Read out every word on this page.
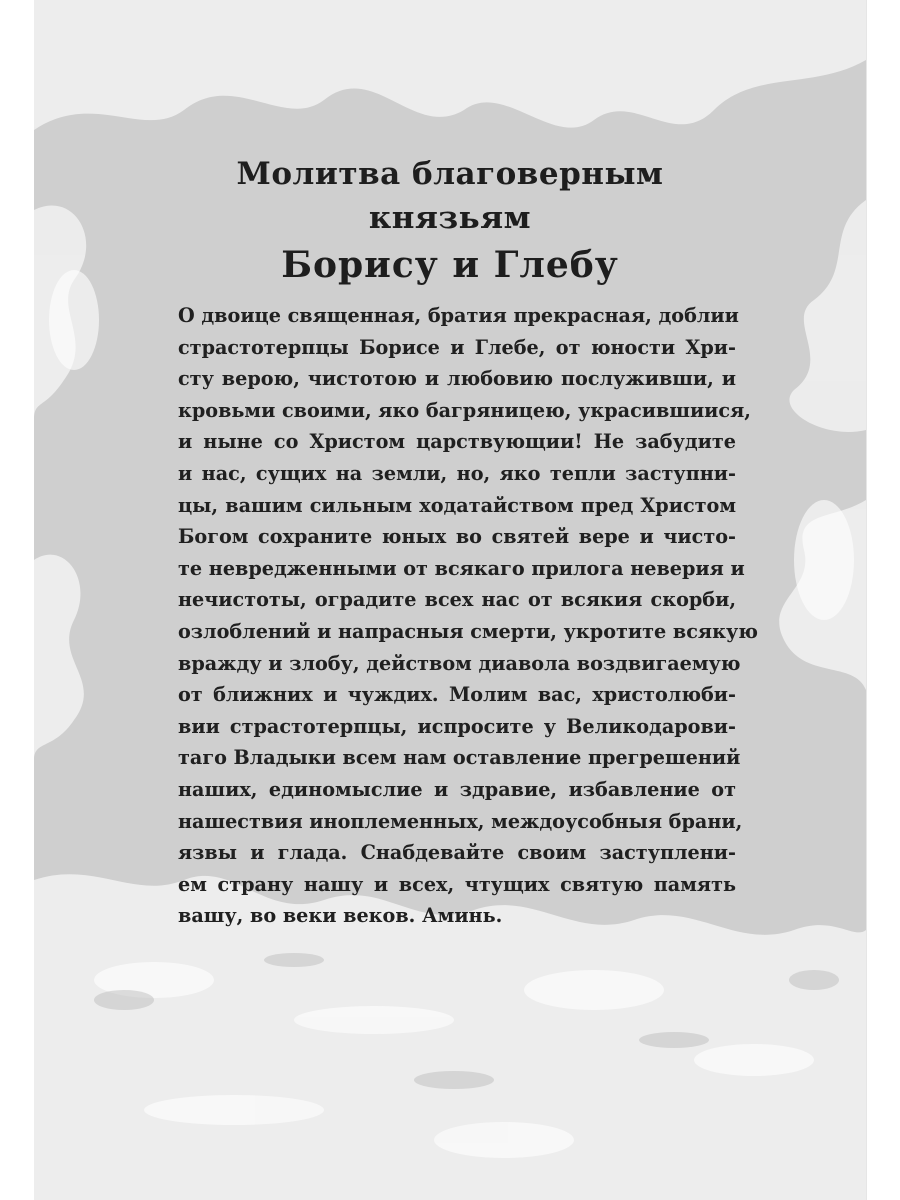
Молитва благоверным
князьям
Борису и Глебу
О двоице священная, братия прекрасная, доблии
страстотерпцы Борисе и Глебе, от юности Хри-
сту верою, чистотою и любовию послуживши, и
кровьми своими, яко багряницею, украсившиися,
и ныне со Христом царствующии! Не забудите
и нас, сущих на земли, но, яко тепли заступни-
цы, вашим сильным ходатайством пред Христом
Богом сохраните юных во святей вере и чисто-
те невредженными от всякаго прилога неверия и
нечистоты, оградите всех нас от всякия скорби,
озлоблений и напрасныя смерти, укротите всякую
вражду и злобу, действом диавола воздвигаемую
от ближних и чуждих. Молим вас, христолюби-
вии страстотерпцы, испросите у Великодарови-
таго Владыки всем нам оставление прегрешений
наших, единомыслие и здравие, избавление от
нашествия иноплеменных, междоусобныя брани,
язвы и глада. Снабдевайте своим заступлени-
ем страну нашу и всех, чтущих святую память
вашу, во веки веков. Аминь.
